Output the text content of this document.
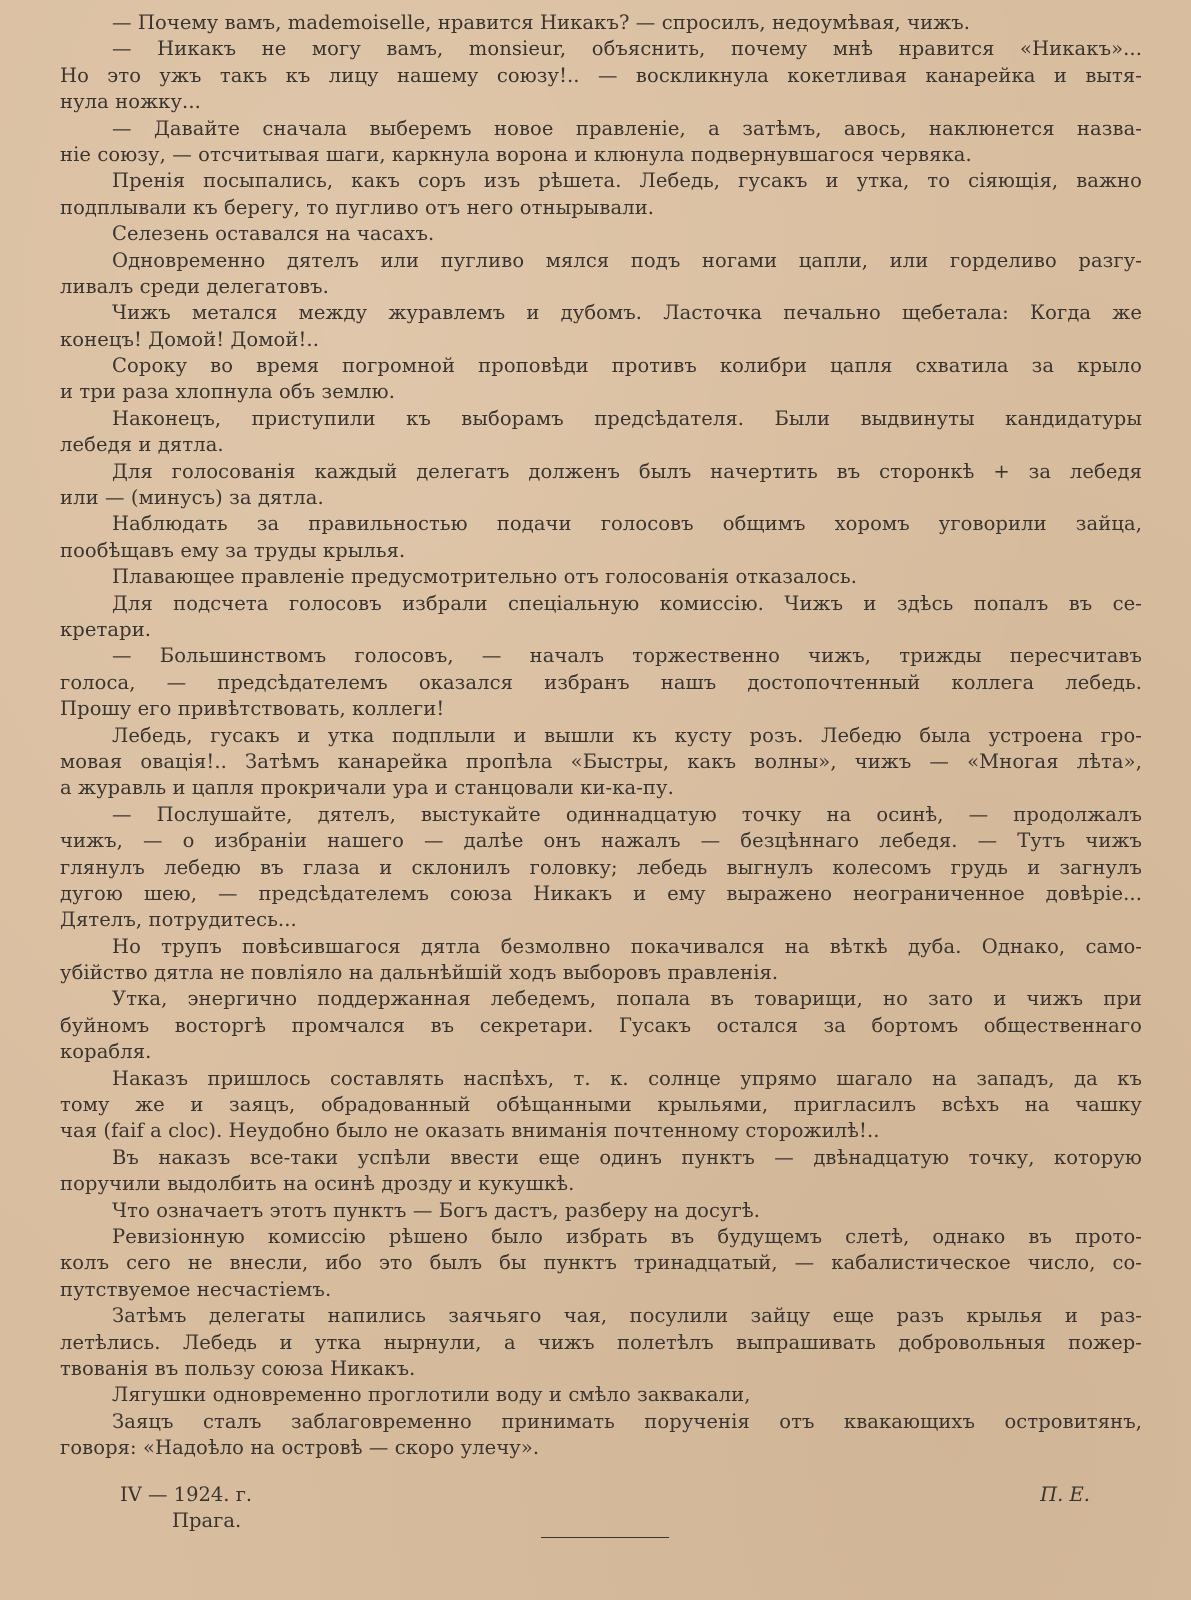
— Почему вамъ, mademoiselle, нравится Никакъ? — спросилъ, недоумѣвая, чижъ.
— Никакъ не могу вамъ, monsieur, объяснить, почему мнѣ нравится «Никакъ»...
Но это ужъ такъ къ лицу нашему союзу!.. — воскликнула кокетливая канарейка и вытя-
нула ножку...
— Давайте сначала выберемъ новое правленіе, а затѣмъ, авось, наклюнется назва-
ніе союзу, — отсчитывая шаги, каркнула ворона и клюнула подвернувшагося червяка.
Пренія посыпались, какъ соръ изъ рѣшета. Лебедь, гусакъ и утка, то сіяющія, важно
подплывали къ берегу, то пугливо отъ него отнырывали.
Селезень оставался на часахъ.
Одновременно дятелъ или пугливо мялся подъ ногами цапли, или горделиво разгу-
ливалъ среди делегатовъ.
Чижъ метался между журавлемъ и дубомъ. Ласточка печально щебетала: Когда же
конецъ! Домой! Домой!..
Сороку во время погромной проповѣди противъ колибри цапля схватила за крыло
и три раза хлопнула объ землю.
Наконецъ, приступили къ выборамъ предсѣдателя. Были выдвинуты кандидатуры
лебедя и дятла.
Для голосованія каждый делегатъ долженъ былъ начертить въ сторонкѣ + за лебедя
или — (минусъ) за дятла.
Наблюдать за правильностью подачи голосовъ общимъ хоромъ уговорили зайца,
пообѣщавъ ему за труды крылья.
Плавающее правленіе предусмотрительно отъ голосованія отказалось.
Для подсчета голосовъ избрали спеціальную комиссію. Чижъ и здѣсь попалъ въ се-
кретари.
— Большинствомъ голосовъ, — началъ торжественно чижъ, трижды пересчитавъ
голоса, — предсѣдателемъ оказался избранъ нашъ достопочтенный коллега лебедь.
Прошу его привѣтствовать, коллеги!
Лебедь, гусакъ и утка подплыли и вышли къ кусту розъ. Лебедю была устроена гро-
мовая овація!.. Затѣмъ канарейка пропѣла «Быстры, какъ волны», чижъ — «Многая лѣта»,
а журавль и цапля прокричали ура и станцовали ки-ка-пу.
— Послушайте, дятелъ, выстукайте одиннадцатую точку на осинѣ, — продолжалъ
чижъ, — о избраніи нашего — далѣе онъ нажалъ — безцѣннаго лебедя. — Тутъ чижъ
глянулъ лебедю въ глаза и склонилъ головку; лебедь выгнулъ колесомъ грудь и загнулъ
дугою шею, — предсѣдателемъ союза Никакъ и ему выражено неограниченное довѣріе...
Дятелъ, потрудитесь...
Но трупъ повѣсившагося дятла безмолвно покачивался на вѣткѣ дуба. Однако, само-
убійство дятла не повліяло на дальнѣйшій ходъ выборовъ правленія.
Утка, энергично поддержанная лебедемъ, попала въ товарищи, но зато и чижъ при
буйномъ восторгѣ промчался въ секретари. Гусакъ остался за бортомъ общественнаго
корабля.
Наказъ пришлось составлять наспѣхъ, т. к. солнце упрямо шагало на западъ, да къ
тому же и заяцъ, обрадованный обѣщанными крыльями, пригласилъ всѣхъ на чашку
чая (faif a cloc). Неудобно было не оказать вниманія почтенному сторожилѣ!..
Въ наказъ все-таки успѣли ввести еще одинъ пунктъ — двѣнадцатую точку, которую
поручили выдолбить на осинѣ дрозду и кукушкѣ.
Что означаетъ этотъ пунктъ — Богъ дастъ, разберу на досугѣ.
Ревизіонную комиссію рѣшено было избрать въ будущемъ слетѣ, однако въ прото-
колъ сего не внесли, ибо это былъ бы пунктъ тринадцатый, — кабалистическое число, со-
путствуемое несчастіемъ.
Затѣмъ делегаты напились заячьяго чая, посулили зайцу еще разъ крылья и раз-
летѣлись. Лебедь и утка нырнули, а чижъ полетѣлъ выпрашивать добровольныя пожер-
твованія въ пользу союза Никакъ.
Лягушки одновременно проглотили воду и смѣло заквакали,
Заяцъ сталъ заблаговременно принимать порученія отъ квакающихъ островитянъ,
говоря: «Надоѣло на островѣ — скоро улечу».
IV — 1924. г.	П. Е.
Прага.
